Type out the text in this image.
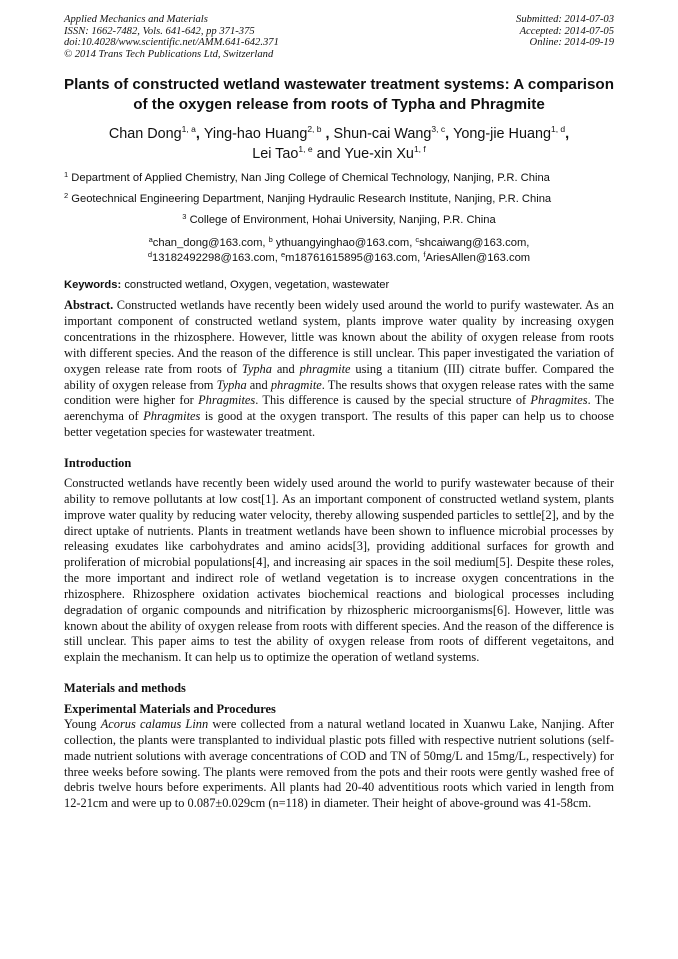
Applied Mechanics and Materials
ISSN: 1662-7482, Vols. 641-642, pp 371-375
doi:10.4028/www.scientific.net/AMM.641-642.371
© 2014 Trans Tech Publications Ltd, Switzerland
Submitted: 2014-07-03
Accepted: 2014-07-05
Online: 2014-09-19
Plants of constructed wetland wastewater treatment systems: A comparison of the oxygen release from roots of Typha and Phragmite
Chan Dong$^{1, a}$, Ying-hao Huang$^{2, b}$ , Shun-cai Wang$^{3, c}$, Yong-jie Huang$^{1, d}$,
Lei Tao$^{1, e}$ and Yue-xin Xu$^{1, f}$
$^1$ Department of Applied Chemistry, Nan Jing College of Chemical Technology, Nanjing, P.R. China
$^2$ Geotechnical Engineering Department, Nanjing Hydraulic Research Institute, Nanjing, P.R. China
$^3$ College of Environment, Hohai University, Nanjing, P.R. China
$^a$chan_dong@163.com, $^b$ ythuangyinghao@163.com, $^c$shcaiwang@163.com,
$^d$13182492298@163.com, $^e$m18761615895@163.com, $^f$AriesAllen@163.com
Keywords: constructed wetland, Oxygen, vegetation, wastewater

Abstract. Constructed wetlands have recently been widely used around the world to purify wastewater. As an important component of constructed wetland system, plants improve water quality by increasing oxygen concentrations in the rhizosphere. However, little was known about the ability of oxygen release from roots with different species. And the reason of the difference is still unclear. This paper investigated the variation of oxygen release rate from roots of Typha and phragmite using a titanium (III) citrate buffer. Compared the ability of oxygen release from Typha and phragmite. The results shows that oxygen release rates with the same condition were higher for Phragmites. This difference is caused by the special structure of Phragmites. The aerenchyma of Phragmites is good at the oxygen transport. The results of this paper can help us to choose better vegetation species for wastewater treatment.

Introduction

Constructed wetlands have recently been widely used around the world to purify wastewater because of their ability to remove pollutants at low cost[1]. As an important component of constructed wetland system, plants improve water quality by reducing water velocity, thereby allowing suspended particles to settle[2], and by the direct uptake of nutrients. Plants in treatment wetlands have been shown to influence microbial processes by releasing exudates like carbohydrates and amino acids[3], providing additional surfaces for growth and proliferation of microbial populations[4], and increasing air spaces in the soil medium[5]. Despite these roles, the more important and indirect role of wetland vegetation is to increase oxygen concentrations in the rhizosphere. Rhizosphere oxidation activates biochemical reactions and biological processes including degradation of organic compounds and nitrification by rhizospheric microorganisms[6]. However, little was known about the ability of oxygen release from roots with different species. And the reason of the difference is still unclear. This paper aims to test the ability of oxygen release from roots of different vegetaitons, and explain the mechanism. It can help us to optimize the operation of wetland systems.

Materials and methods
Experimental Materials and Procedures

Young Acorus calamus Linn were collected from a natural wetland located in Xuanwu Lake, Nanjing. After collection, the plants were transplanted to individual plastic pots filled with respective nutrient solutions (self-made nutrient solutions with average concentrations of COD and TN of 50mg/L and 15mg/L, respectively) for three weeks before sowing. The plants were removed from the pots and their roots were gently washed free of debris twelve hours before experiments. All plants had 20-40 adventitious roots which varied in length from 12-21cm and were up to 0.087±0.029cm (n=118) in diameter. Their height of above-ground was 41-58cm.
